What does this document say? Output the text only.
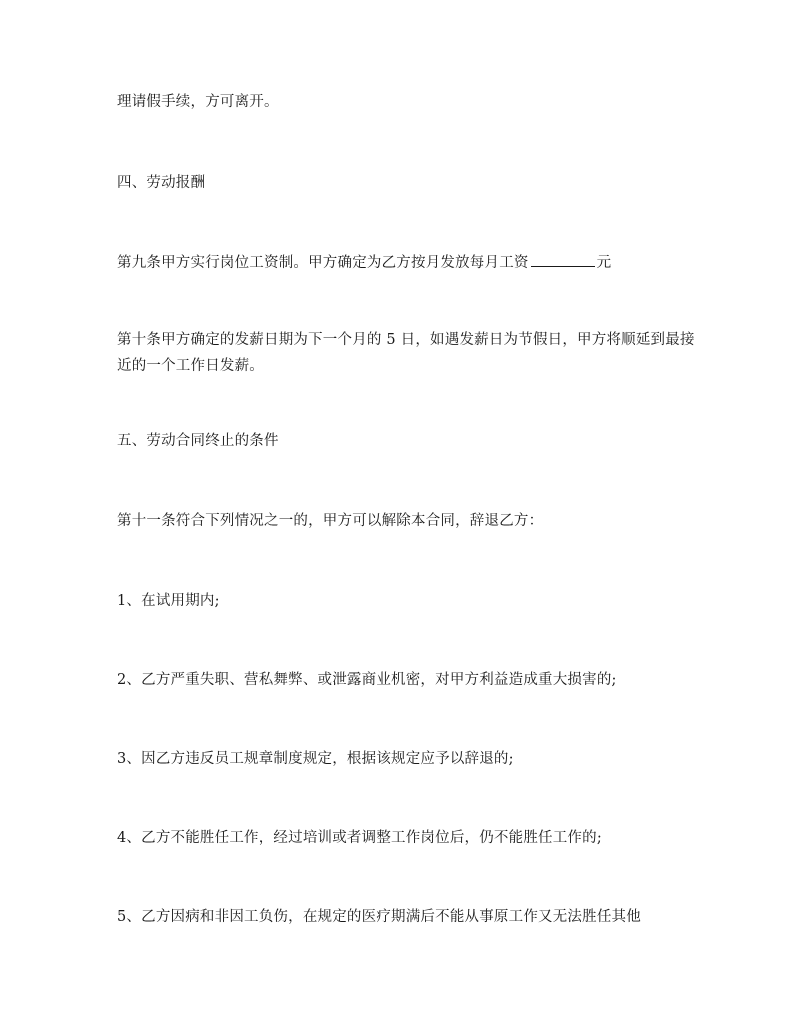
理请假手续，方可离开。

四、劳动报酬

第九条甲方实行岗位工资制。甲方确定为乙方按月发放每月工资	元

第十条甲方确定的发薪日期为下一个月的 5 日，如遇发薪日为节假日，甲方将顺延到最接近的一个工作日发薪。

五、劳动合同终止的条件

第十一条符合下列情况之一的，甲方可以解除本合同，辞退乙方：

1、在试用期内;

2、乙方严重失职、营私舞弊、或泄露商业机密，对甲方利益造成重大损害的;

3、因乙方违反员工规章制度规定，根据该规定应予以辞退的;

4、乙方不能胜任工作，经过培训或者调整工作岗位后，仍不能胜任工作的;

5、乙方因病和非因工负伤，在规定的医疗期满后不能从事原工作又无法胜任其他
